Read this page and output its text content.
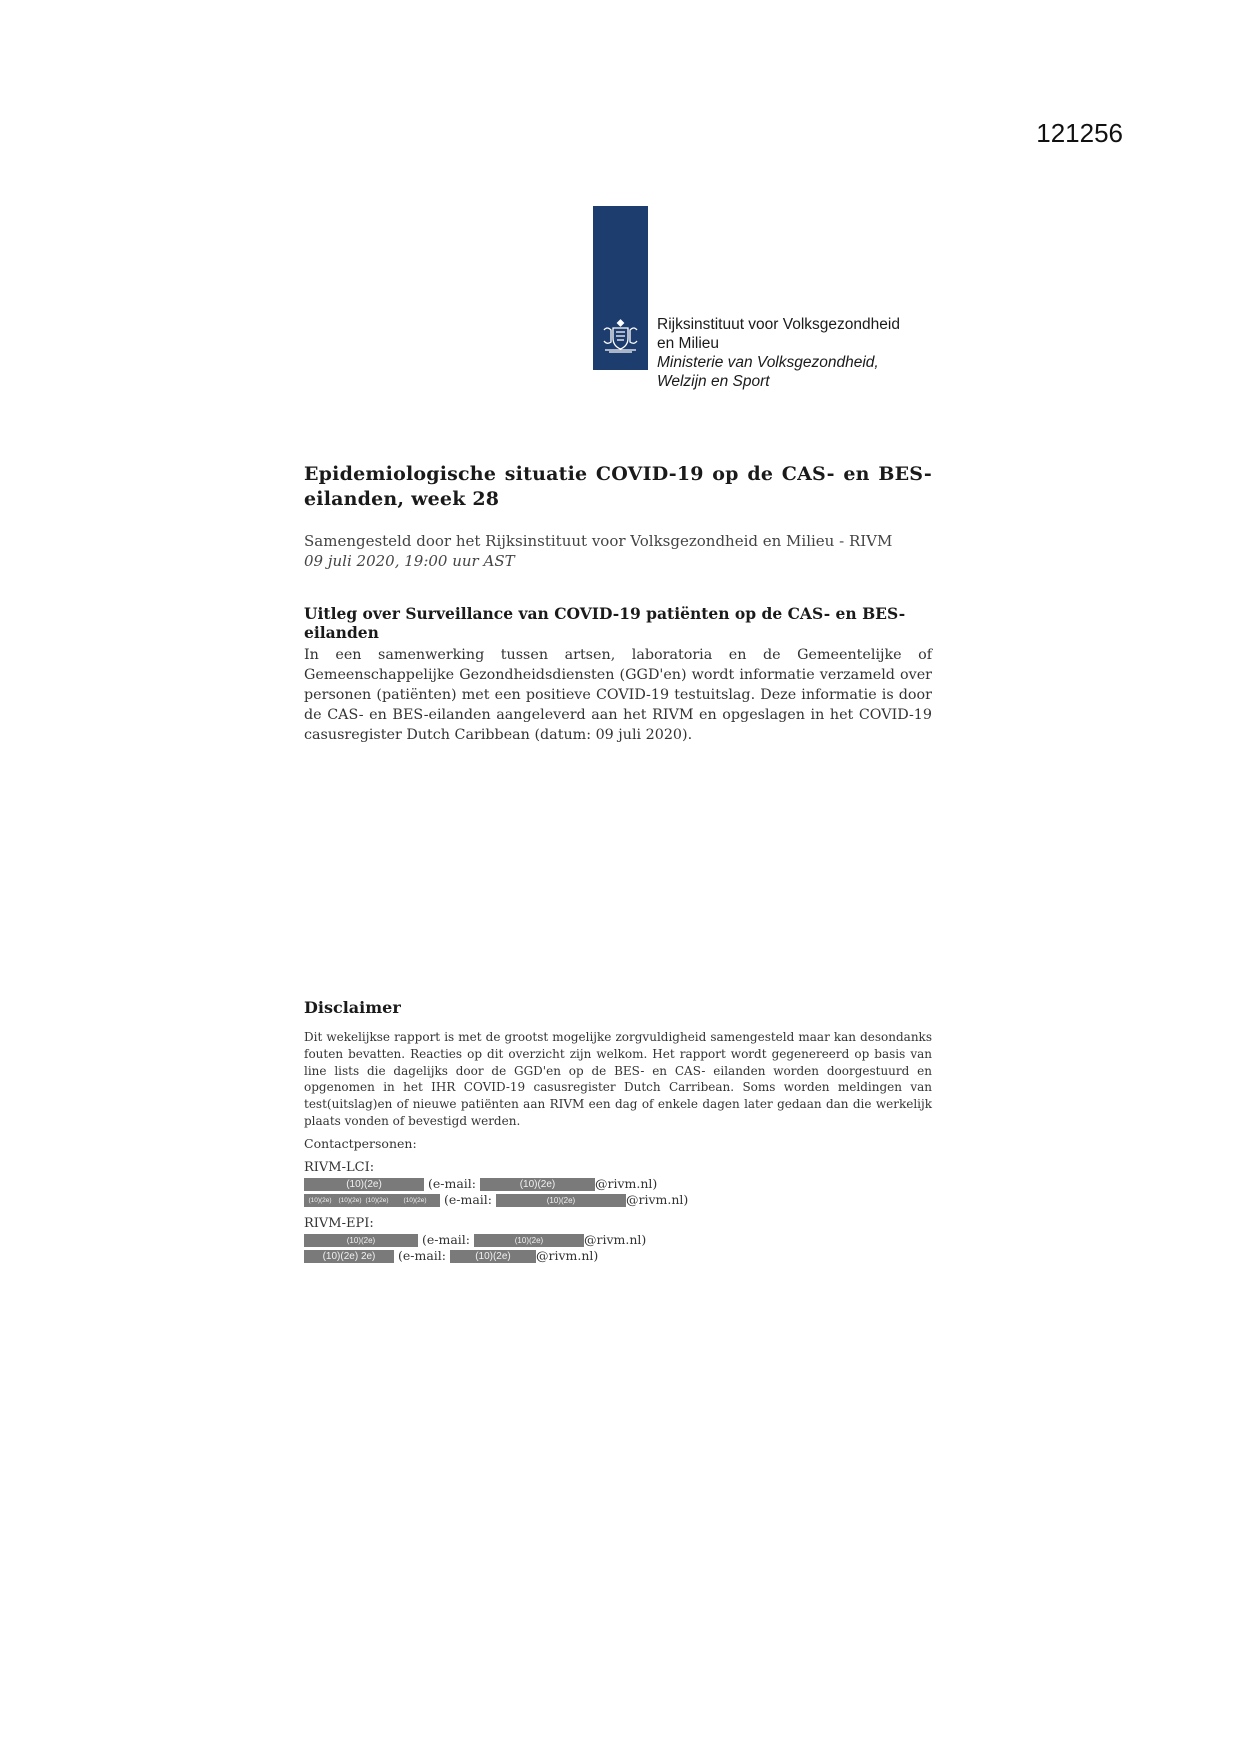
121256
Rijksinstituut voor Volksgezondheid
en Milieu
Ministerie van Volksgezondheid,
Welzijn en Sport
Epidemiologische situatie COVID-19 op de CAS- en BES-eilanden, week 28
Samengesteld door het Rijksinstituut voor Volksgezondheid en Milieu - RIVM
09 juli 2020, 19:00 uur AST
Uitleg over Surveillance van COVID-19 patiënten op de CAS- en BES-eilanden

In een samenwerking tussen artsen, laboratoria en de Gemeentelijke of Gemeenschappelijke Gezondheidsdiensten (GGD'en) wordt informatie verzameld over personen (patiënten) met een positieve COVID-19 testuitslag. Deze informatie is door de CAS- en BES-eilanden aangeleverd aan het RIVM en opgeslagen in het COVID-19 casusregister Dutch Caribbean (datum: 09 juli 2020).

Disclaimer

Dit wekelijkse rapport is met de grootst mogelijke zorgvuldigheid samengesteld maar kan desondanks fouten bevatten. Reacties op dit overzicht zijn welkom. Het rapport wordt gegenereerd op basis van line lists die dagelijks door de GGD'en op de BES- en CAS- eilanden worden doorgestuurd en opgenomen in het IHR COVID-19 casusregister Dutch Carribean. Soms worden meldingen van test(uitslag)en of nieuwe patiënten aan RIVM een dag of enkele dagen later gedaan dan die werkelijk plaats vonden of bevestigd werden.

Contactpersonen:
RIVM-LCI:
(10)(2e)	(e-mail:	(10)(2e)	@rivm.nl)
(10)(2e) (10)(2e) (10)(2e) (10)(2e) (e-mail:	(10)(2e)	@rivm.nl)
RIVM-EPI:
(10)(2e)	(e-mail:	(10)(2e)	@rivm.nl)
(10)(2e) 2e) (e-mail:	(10)(2e) @rivm.nl)
